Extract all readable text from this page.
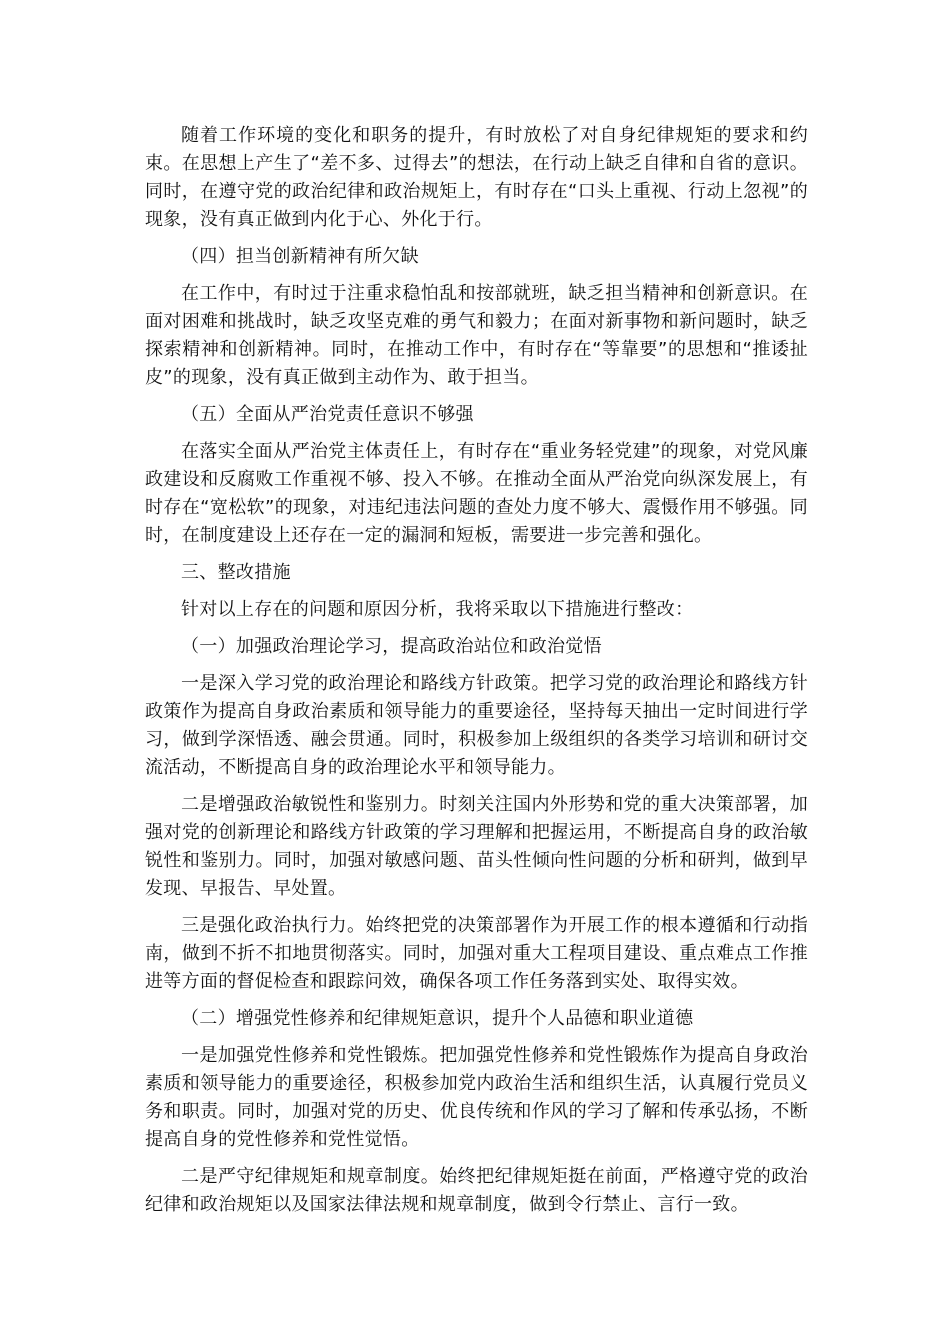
随着工作环境的变化和职务的提升，有时放松了对自身纪律规矩的要求和约束。在思想上产生了“差不多、过得去”的想法，在行动上缺乏自律和自省的意识。同时，在遵守党的政治纪律和政治规矩上，有时存在“口头上重视、行动上忽视”的现象，没有真正做到内化于心、外化于行。

（四）担当创新精神有所欠缺

在工作中，有时过于注重求稳怕乱和按部就班，缺乏担当精神和创新意识。在面对困难和挑战时，缺乏攻坚克难的勇气和毅力；在面对新事物和新问题时，缺乏探索精神和创新精神。同时，在推动工作中，有时存在“等靠要”的思想和“推诿扯皮”的现象，没有真正做到主动作为、敢于担当。

（五）全面从严治党责任意识不够强

在落实全面从严治党主体责任上，有时存在“重业务轻党建”的现象，对党风廉政建设和反腐败工作重视不够、投入不够。在推动全面从严治党向纵深发展上，有时存在“宽松软”的现象，对违纪违法问题的查处力度不够大、震慑作用不够强。同时，在制度建设上还存在一定的漏洞和短板，需要进一步完善和强化。

三、整改措施

针对以上存在的问题和原因分析，我将采取以下措施进行整改：

（一）加强政治理论学习，提高政治站位和政治觉悟

一是深入学习党的政治理论和路线方针政策。把学习党的政治理论和路线方针政策作为提高自身政治素质和领导能力的重要途径，坚持每天抽出一定时间进行学习，做到学深悟透、融会贯通。同时，积极参加上级组织的各类学习培训和研讨交流活动，不断提高自身的政治理论水平和领导能力。

二是增强政治敏锐性和鉴别力。时刻关注国内外形势和党的重大决策部署，加强对党的创新理论和路线方针政策的学习理解和把握运用，不断提高自身的政治敏锐性和鉴别力。同时，加强对敏感问题、苗头性倾向性问题的分析和研判，做到早发现、早报告、早处置。

三是强化政治执行力。始终把党的决策部署作为开展工作的根本遵循和行动指南，做到不折不扣地贯彻落实。同时，加强对重大工程项目建设、重点难点工作推进等方面的督促检查和跟踪问效，确保各项工作任务落到实处、取得实效。

（二）增强党性修养和纪律规矩意识，提升个人品德和职业道德

一是加强党性修养和党性锻炼。把加强党性修养和党性锻炼作为提高自身政治素质和领导能力的重要途径，积极参加党内政治生活和组织生活，认真履行党员义务和职责。同时，加强对党的历史、优良传统和作风的学习了解和传承弘扬，不断提高自身的党性修养和党性觉悟。

二是严守纪律规矩和规章制度。始终把纪律规矩挺在前面，严格遵守党的政治纪律和政治规矩以及国家法律法规和规章制度，做到令行禁止、言行一致。
